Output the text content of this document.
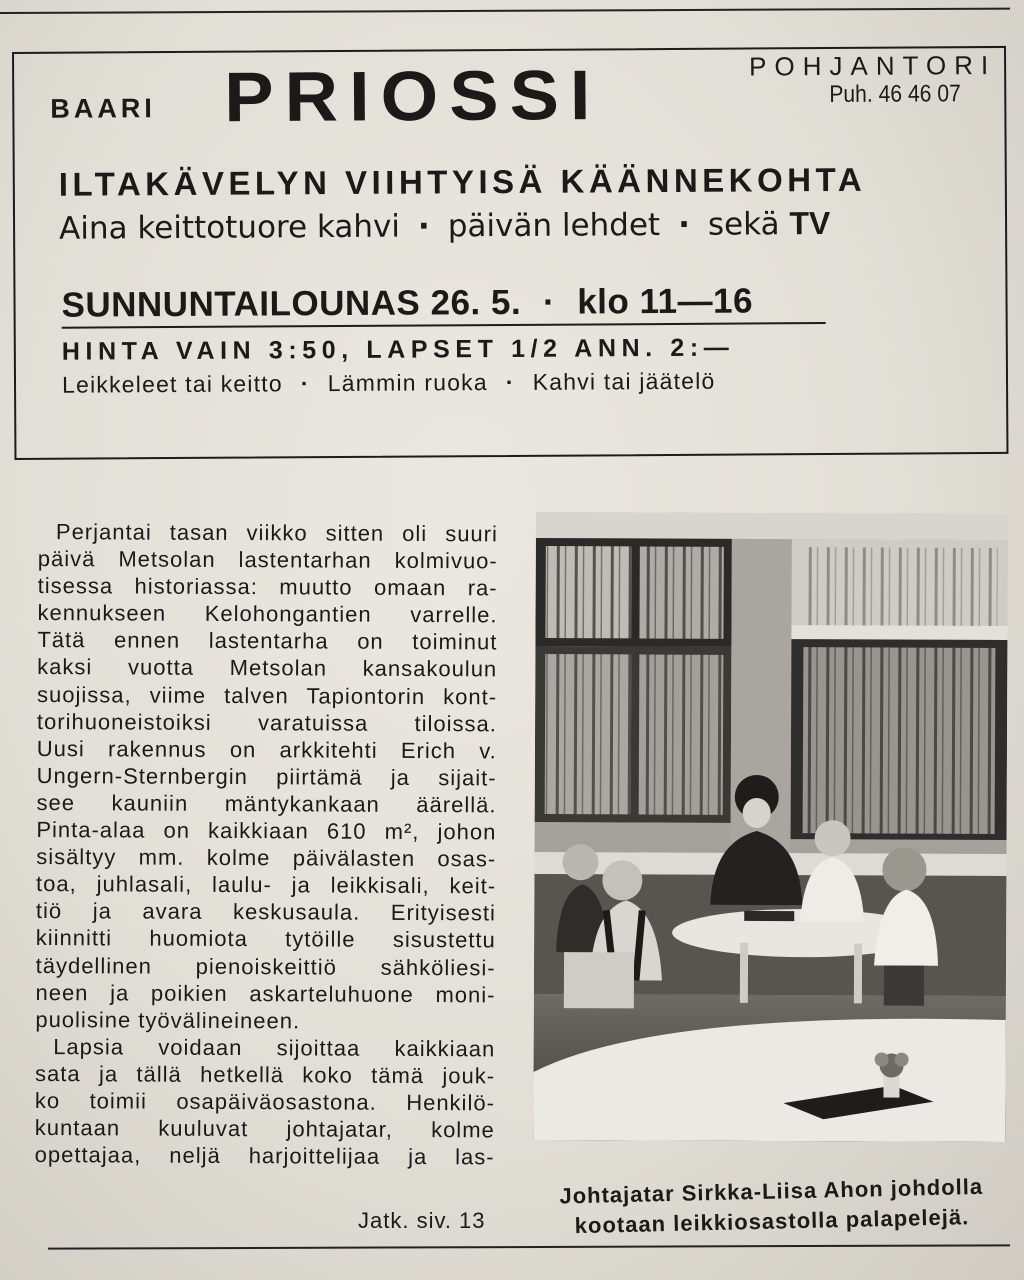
BAARI PRIOSSI	POHJANTORI
Puh. 46 46 07
ILTAKÄVELYN VIIHTYISÄ KÄÄNNEKOHTA
Aina keittotuore kahvi · päivän lehdet · sekä
TV
SUNNUNTAILOUNAS 26. 5. · klo 11—16
HINTA VAIN 3:50, LAPSET 1/2 ANN. 2:—
Leikkeleet tai keitto · Lämmin ruoka · Kahvi tai jäätelö
Perjantai tasan viikko sitten oli suuri
päivä Metsolan lastentarhan kolmivuo-
tisessa historiassa: muutto omaan ra-
kennukseen Kelohongantien varrelle.
Tätä ennen lastentarha on toiminut
kaksi vuotta Metsolan kansakoulun
suojissa, viime talven Tapiontorin kont-
torihuoneistoiksi varatuissa tiloissa.
Uusi rakennus on arkkitehti Erich v.
Ungern-Sternbergin piirtämä ja sijait-
see kauniin mäntykankaan äärellä.
Pinta-alaa on kaikkiaan 610 m², johon
sisältyy mm. kolme päivälasten osas-
toa, juhlasali, laulu- ja leikkisali, keit-
tiö ja avara keskusaula. Erityisesti
kiinnitti huomiota tytöille sisustettu
täydellinen pienoiskeittiö sähköliesi-
neen ja poikien askarteluhuone moni-
puolisine työvälineineen.
Lapsia voidaan sijoittaa kaikkiaan
sata ja tällä hetkellä koko tämä jouk-
ko toimii osapäiväosastona. Henkilö-
kuntaan kuuluvat johtajatar, kolme
opettajaa, neljä harjoittelijaa ja las-
Jatk. siv. 13
Johtajatar Sirkka-Liisa Ahon johdolla
kootaan leikkiosastolla palapelejä.
